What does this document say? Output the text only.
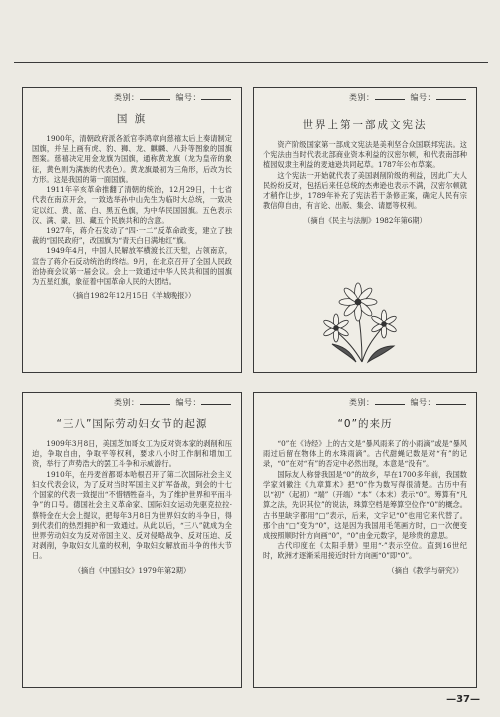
类别：	编号：
国 旗

1900年，清朝政府派各派官李鸿章向慈禧太后上奏请制定国旗，并呈上画有虎、豹、狮、龙、麒麟、八卦等图象的国旗图案。慈禧决定用金龙旗为国旗，通称黄龙旗（龙为皇帝的象征，黄色则为满族的代表色）。黄龙旗最初为三角形，后改为长方形。这是我国的第一面国旗。

1911年辛亥革命推翻了清朝的统治，12月29日，十七省代表在南京开会，一致选举孙中山先生为临时大总统，一致决定以红、黄、蓝、白、黑五色旗，为中华民国国旗。五色表示汉、满、蒙、回、藏五个民族共和的含意。

1927年，蒋介石发动了“四·一二”反革命政变，建立了独裁的“国民政府”，改国旗为“青天白日满地红”旗。

1949年4月，中国人民解放军横渡长江天堑，占领南京，宣告了蒋介石反动统治的终结。9月，在北京召开了全国人民政治协商会议第一届会议。会上一致通过中华人民共和国的国旗为五星红旗，象征着中国革命人民的大团结。

（摘自1982年12月15日《羊城晚报》）
类别：	编号：
世界上第一部成文宪法

资产阶级国家第一部成文宪法是美利坚合众国联邦宪法。这个宪法由当时代表北部商业资本利益的汉密尔顿，和代表南部种植园奴隶主利益的麦迪逊共同起草。1787年公布草案。

这个宪法一开始就代表了美国剥削阶级的利益，因此广大人民纷纷反对，包括后来任总统的杰弗逊也表示不满，汉密尔顿就才稍作让步，1789年补充了宪法若干条修正案，确定人民有宗教信仰自由，有言论、出版、集会、请愿等权利。

（摘自《民主与法制》1982年第6期）
类别：	编号：
“三八”国际劳动妇女节的起源

1909年3月8日，美国芝加哥女工为反对资本家的剥削和压迫，争取自由，争取平等权利，要求八小时工作制和增加工资，举行了声势浩大的罢工斗争和示威游行。

1910年，在丹麦首都哥本哈根召开了第二次国际社会主义妇女代表会议，为了反对当时军国主义扩军备战，到会的十七个国家的代表一致提出“不惜牺牲奋斗，为了维护世界和平而斗争”的口号。德国社会主义革命家、国际妇女运动先驱克拉拉·蔡特金在大会上提议，把每年3月8日为世界妇女的斗争日，得到代表们的热烈拥护和一致通过。从此以后，“三八”就成为全世界劳动妇女为反对帝国主义、反对侵略战争、反对压迫、反对剥削，争取妇女儿童的权利，争取妇女解放而斗争的伟大节日。

（摘自《中国妇女》1979年第2期）
类别：	编号：
“0”的来历

“0”在《诗经》上的古文是“暴风雨来了的小雨滴”或是“暴风雨过后留在物体上的水珠雨滴”。古代甜蝇记数是对“有”的记录，“0”在对“有”的否定中必然出现，本意是“没有”。

国际友人称誉我国是“0”的故乡，早在1700多年前，我国数学家刘徽注《九章算术》把“0”作为数写得很清楚。古历中有以“初”（起初）“端”（开端）“本”（本末）表示“0”。筹算有“凡算之法，先识其位”的说法，珠算空档是筹算空位作“0”的概念。古书里缺字都用“□”表示，后来，文字记“0”也用它来代替了。那个由“□”变为“0”，这是因为我国用毛笔画方时，□一次便变成按照顺时针方向画“0”，“0”由金元数字，是珍贵的意思。

古代印度在《太阳手册》里用“·”表示空位。直到16世纪时，欧洲才逐渐采用接近时针方向画“0”即“0”。

（摘自《教学与研究》）
—37—
